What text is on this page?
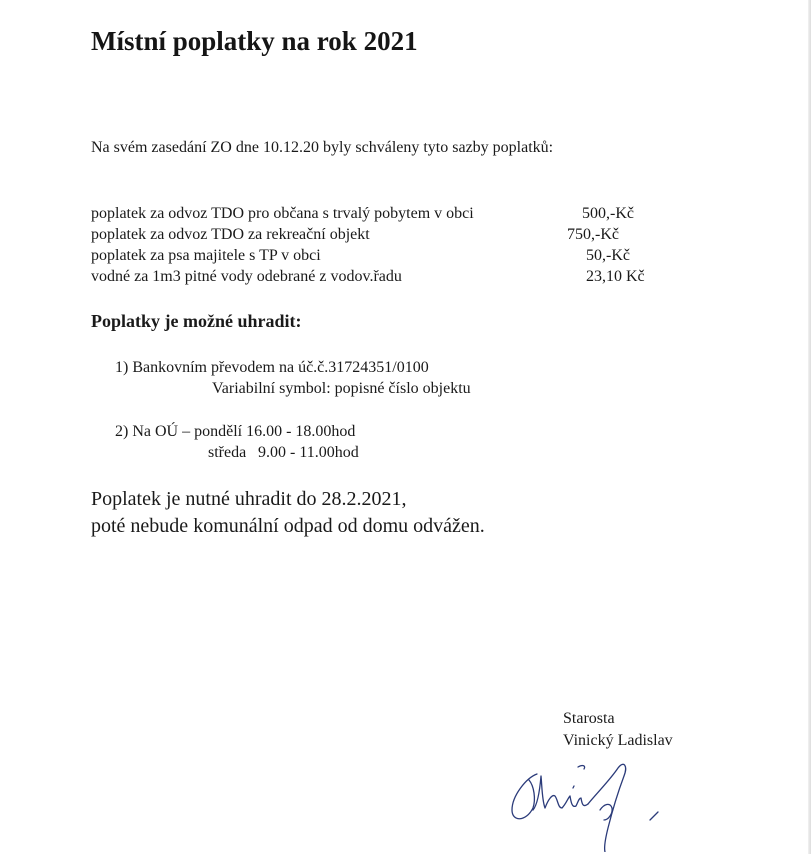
Místní poplatky na rok 2021
Na svém zasedání ZO dne 10.12.20 byly schváleny tyto sazby poplatků:
poplatek za odvoz TDO pro občana s trvalý pobytem v obci	500,-Kč
poplatek za odvoz TDO za rekreační objekt	750,-Kč
poplatek za psa majitele s TP v obci	50,-Kč
vodné za 1m3 pitné vody odebrané z vodov.řadu	23,10 Kč
Poplatky je možné uhradit:
1) Bankovním převodem na úč.č.31724351/0100
Variabilní symbol: popisné číslo objektu
2) Na OÚ – pondělí 16.00 - 18.00hod
středa 9.00 - 11.00hod
Poplatek je nutné uhradit do 28.2.2021,
poté nebude komunální odpad od domu odvážen.
Starosta
Vinický Ladislav
